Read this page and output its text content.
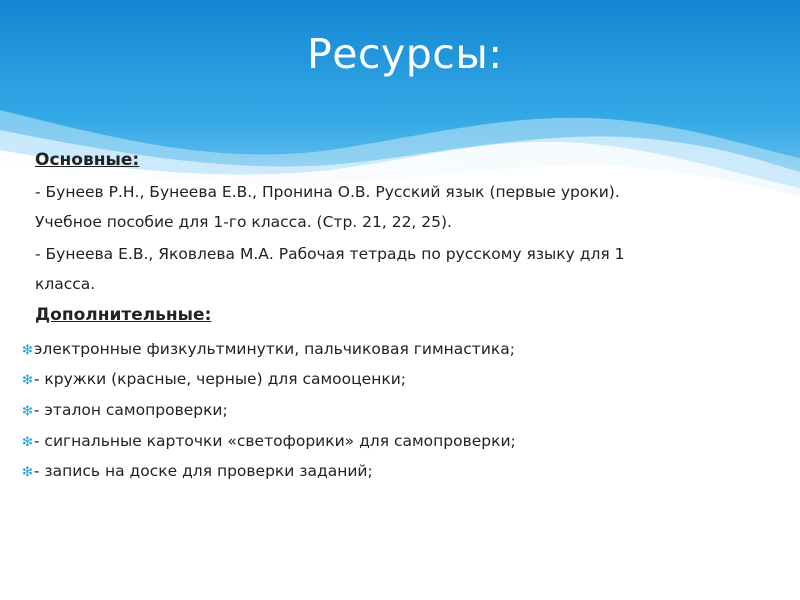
Ресурсы:
Основные:
- Бунеев Р.Н., Бунеева Е.В., Пронина О.В. Русский язык (первые уроки).
Учебное пособие для 1-го класса. (Стр. 21, 22, 25).
- Бунеева Е.В., Яковлева М.А. Рабочая тетрадь по русскому языку для 1
класса.
Дополнительные:
❇электронные физкультминутки, пальчиковая гимнастика;
❇- кружки (красные, черные) для самооценки;
❇- эталон самопроверки;
❇- сигнальные карточки «светофорики» для самопроверки;
❇- запись на доске для проверки заданий;
